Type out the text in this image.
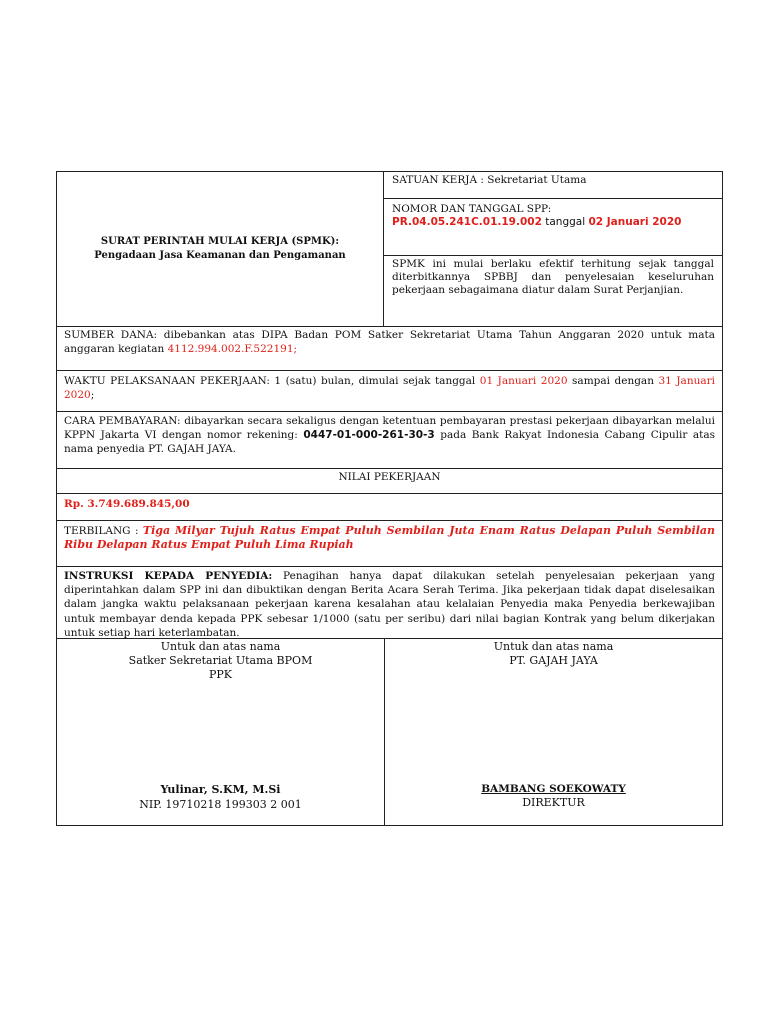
SURAT PERINTAH MULAI KERJA (SPMK):
Pengadaan Jasa Keamanan dan Pengamanan
SATUAN KERJA : Sekretariat Utama
NOMOR DAN TANGGAL SPP:
PR.04.05.241C.01.19.002 tanggal 02 Januari 2020
SPMK ini mulai berlaku efektif terhitung sejak tanggal diterbitkannya SPBBJ dan penyelesaian keseluruhan pekerjaan sebagaimana diatur dalam Surat Perjanjian.
SUMBER DANA: dibebankan atas DIPA Badan POM Satker Sekretariat Utama Tahun Anggaran 2020 untuk mata anggaran kegiatan 4112.994.002.F.522191;
WAKTU PELAKSANAAN PEKERJAAN: 1 (satu) bulan, dimulai sejak tanggal 01 Januari 2020 sampai dengan 31 Januari 2020;
CARA PEMBAYARAN: dibayarkan secara sekaligus dengan ketentuan pembayaran prestasi pekerjaan dibayarkan melalui KPPN Jakarta VI dengan nomor rekening: 0447-01-000-261-30-3 pada Bank Rakyat Indonesia Cabang Cipulir atas nama penyedia PT. GAJAH JAYA.
NILAI PEKERJAAN
Rp. 3.749.689.845,00
TERBILANG : Tiga Milyar Tujuh Ratus Empat Puluh Sembilan Juta Enam Ratus Delapan Puluh Sembilan Ribu Delapan Ratus Empat Puluh Lima Rupiah
INSTRUKSI KEPADA PENYEDIA: Penagihan hanya dapat dilakukan setelah penyelesaian pekerjaan yang diperintahkan dalam SPP ini dan dibuktikan dengan Berita Acara Serah Terima. Jika pekerjaan tidak dapat diselesaikan dalam jangka waktu pelaksanaan pekerjaan karena kesalahan atau kelalaian Penyedia maka Penyedia berkewajiban untuk membayar denda kepada PPK sebesar 1/1000 (satu per seribu) dari nilai bagian Kontrak yang belum dikerjakan untuk setiap hari keterlambatan.
Untuk dan atas nama
Satker Sekretariat Utama BPOM
PPK
Yulinar, S.KM, M.Si
NIP. 19710218 199303 2 001
Untuk dan atas nama
PT. GAJAH JAYA
BAMBANG SOEKOWATY
DIREKTUR
